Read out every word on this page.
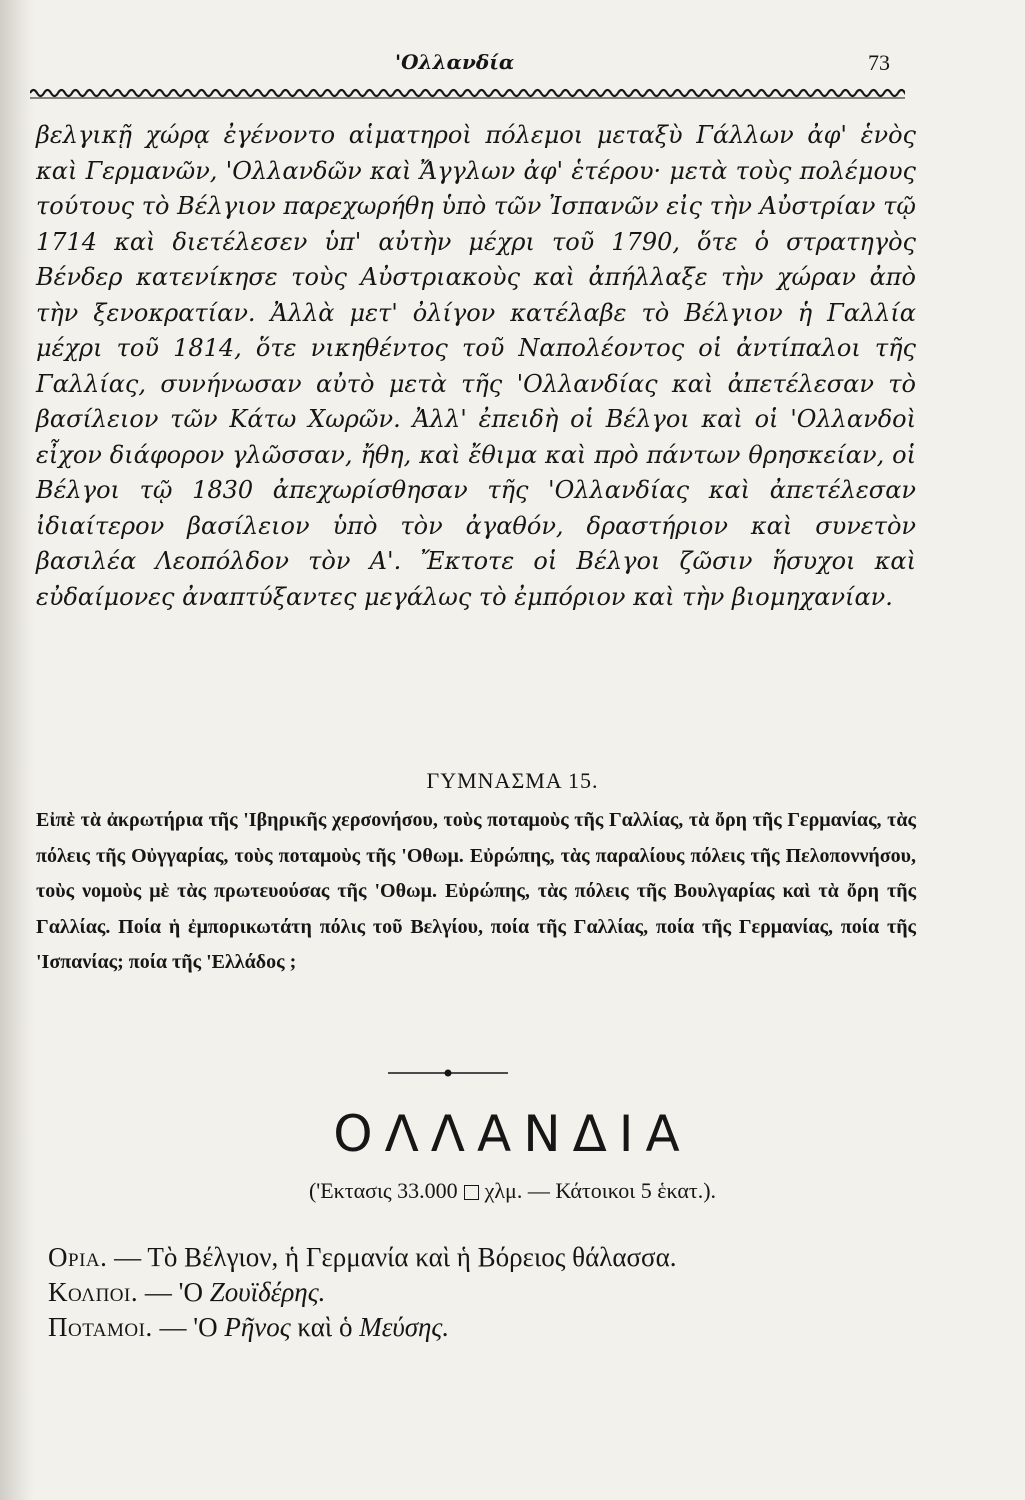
'Ολλανδία	73

βελγικῇ χώρᾳ ἐγένοντο αἱματηροὶ πόλεμοι μεταξὺ Γάλλων ἀφ' ἑνὸς καὶ Γερμανῶν, 'Ολλανδῶν καὶ Ἄγγλων ἀφ' ἑτέρου· μετὰ τοὺς πολέμους τούτους τὸ Βέλγιον παρεχωρήθη ὑπὸ τῶν Ἰσπανῶν εἰς τὴν Αὐστρίαν τῷ 1714 καὶ διετέλεσεν ὑπ' αὐτὴν μέχρι τοῦ 1790, ὅτε ὁ στρατηγὸς Βένδερ κατενίκησε τοὺς Αὐστριακοὺς καὶ ἀπήλλαξε τὴν χώραν ἀπὸ τὴν ξενοκρατίαν. Ἀλλὰ μετ' ὀλίγον κατέλαβε τὸ Βέλγιον ἡ Γαλλία μέχρι τοῦ 1814, ὅτε νικηθέντος τοῦ Ναπολέοντος οἱ ἀντίπαλοι τῆς Γαλλίας, συνήνωσαν αὐτὸ μετὰ τῆς 'Ολλανδίας καὶ ἀπετέλεσαν τὸ βασίλειον τῶν Κάτω Χωρῶν. Ἀλλ' ἐπειδὴ οἱ Βέλγοι καὶ οἱ 'Ολλανδοὶ εἶχον διάφορον γλῶσσαν, ἤθη, καὶ ἔθιμα καὶ πρὸ πάντων θρησκείαν, οἱ Βέλγοι τῷ 1830 ἀπεχωρίσθησαν τῆς 'Ολλανδίας καὶ ἀπετέλεσαν ἰδιαίτερον βασίλειον ὑπὸ τὸν ἀγαθόν, δραστήριον καὶ συνετὸν βασιλέα Λεοπόλδον τὸν Α'. Ἔκτοτε οἱ Βέλγοι ζῶσιν ἥσυχοι καὶ εὐδαίμονες ἀναπτύξαντες μεγάλως τὸ ἐμπόριον καὶ τὴν βιομηχανίαν.

ΓΥΜΝΑΣΜΑ 15.

Εἰπὲ τὰ ἀκρωτήρια τῆς 'Ιβηρικῆς χερσονήσου, τοὺς ποταμοὺς τῆς Γαλλίας, τὰ ὄρη τῆς Γερμανίας, τὰς πόλεις τῆς Οὐγγαρίας, τοὺς ποταμοὺς τῆς 'Οθωμ. Εὐρώπης, τὰς παραλίους πόλεις τῆς Πελοποννήσου, τοὺς νομοὺς μὲ τὰς πρωτευούσας τῆς 'Οθωμ. Εὐρώπης, τὰς πόλεις τῆς Βουλγαρίας καὶ τὰ ὄρη τῆς Γαλλίας. Ποία ἡ ἐμπορικωτάτη πόλις τοῦ Βελγίου, ποία τῆς Γαλλίας, ποία τῆς Γερμανίας, ποία τῆς 'Ισπανίας; ποία τῆς 'Ελλάδος ;

ΟΛΛΑΝΔΙΑ

('Εκτασις 33.000 χλμ. — Κάτοικοι 5 ἑκατ.).

Ορια. — Τὸ Βέλγιον, ἡ Γερμανία καὶ ἡ Βόρειος θάλασσα.
Κολποι. — 'Ο Ζουϊδέρης.
Ποταμοι. — 'Ο Ρῆνος καὶ ὁ Μεύσης.
